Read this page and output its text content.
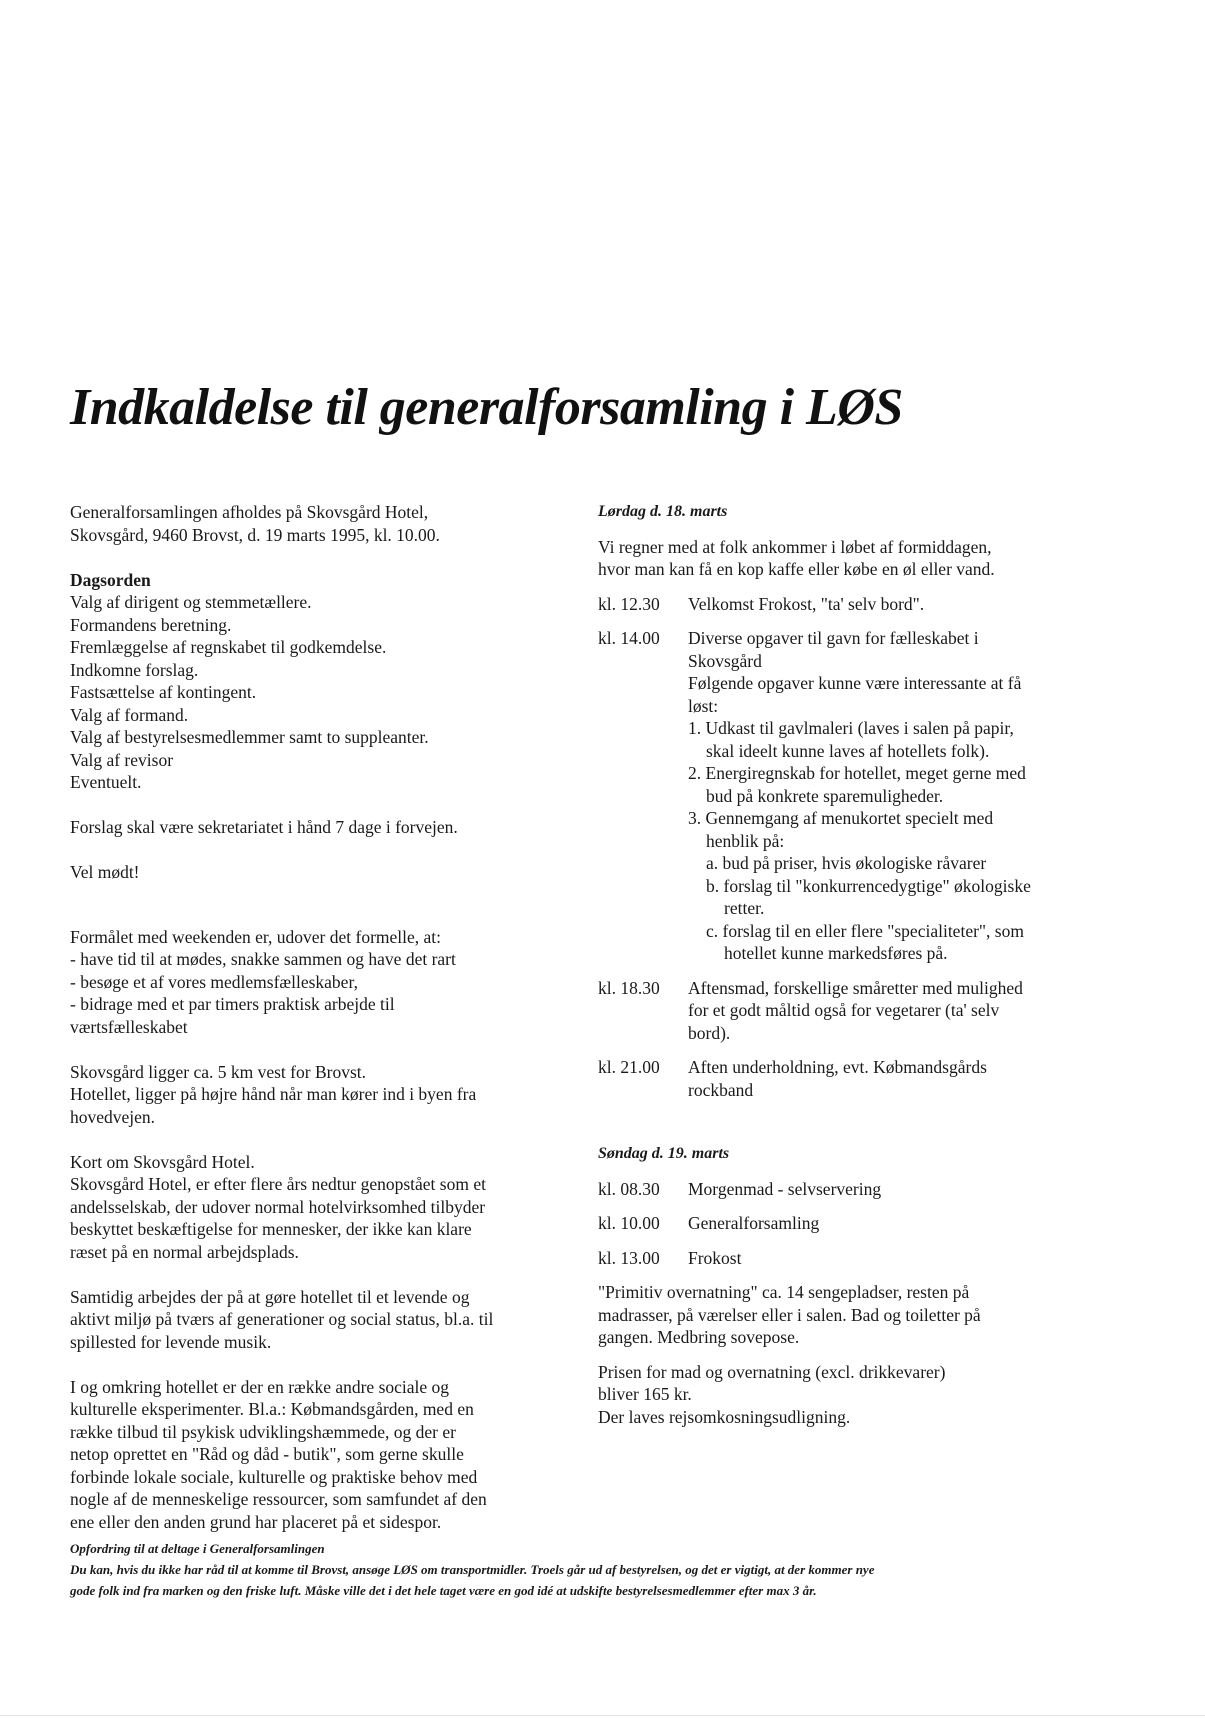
Indkaldelse til generalforsamling i LØS
Generalforsamlingen afholdes på Skovsgård Hotel,
Skovsgård, 9460 Brovst, d. 19 marts 1995, kl. 10.00.
Dagsorden
Valg af dirigent og stemmetællere.
Formandens beretning.
Fremlæggelse af regnskabet til godkemdelse.
Indkomne forslag.
Fastsættelse af kontingent.
Valg af formand.
Valg af bestyrelsesmedlemmer samt to suppleanter.
Valg af revisor
Eventuelt.
Forslag skal være sekretariatet i hånd 7 dage i forvejen.
Vel mødt!
Formålet med weekenden er, udover det formelle, at:
- have tid til at mødes, snakke sammen og have det rart
- besøge et af vores medlemsfælleskaber,
- bidrage med et par timers praktisk arbejde til
værtsfælleskabet
Skovsgård ligger ca. 5 km vest for Brovst.
Hotellet, ligger på højre hånd når man kører ind i byen fra
hovedvejen.
Kort om Skovsgård Hotel.
Skovsgård Hotel, er efter flere års nedtur genopstået som et
andelsselskab, der udover normal hotelvirksomhed tilbyder
beskyttet beskæftigelse for mennesker, der ikke kan klare
ræset på en normal arbejdsplads.
Samtidig arbejdes der på at gøre hotellet til et levende og
aktivt miljø på tværs af generationer og social status, bl.a. til
spillested for levende musik.
I og omkring hotellet er der en række andre sociale og
kulturelle eksperimenter. Bl.a.: Købmandsgården, med en
række tilbud til psykisk udviklingshæmmede, og der er
netop oprettet en "Råd og dåd - butik", som gerne skulle
forbinde lokale sociale, kulturelle og praktiske behov med
nogle af de menneskelige ressourcer, som samfundet af den
ene eller den anden grund har placeret på et sidespor.
Lørdag d. 18. marts
Vi regner med at folk ankommer i løbet af formiddagen,
hvor man kan få en kop kaffe eller købe en øl eller vand.
kl. 12.30	Velkomst Frokost, "ta' selv bord".
kl. 14.00	Diverse opgaver til gavn for fælleskabet i
Skovsgård
Følgende opgaver kunne være interessante at få
løst:
1. Udkast til gavlmaleri (laves i salen på papir,
skal ideelt kunne laves af hotellets folk).
2. Energiregnskab for hotellet, meget gerne med
bud på konkrete sparemuligheder.
3. Gennemgang af menukortet specielt med
henblik på:
a. bud på priser, hvis økologiske råvarer
b. forslag til "konkurrencedygtige" økologiske
retter.
c. forslag til en eller flere "specialiteter", som
hotellet kunne markedsføres på.
kl. 18.30	Aftensmad, forskellige småretter med mulighed
for et godt måltid også for vegetarer (ta' selv
bord).
kl. 21.00	Aften underholdning, evt. Købmandsgårds
rockband
Søndag d. 19. marts
kl. 08.30	Morgenmad - selvservering
kl. 10.00	Generalforsamling
kl. 13.00	Frokost
"Primitiv overnatning" ca. 14 sengepladser, resten på
madrasser, på værelser eller i salen. Bad og toiletter på
gangen. Medbring sovepose.
Prisen for mad og overnatning (excl. drikkevarer)
bliver 165 kr.
Der laves rejsomkosningsudligning.
Opfordring til at deltage i Generalforsamlingen
Du kan, hvis du ikke har råd til at komme til Brovst, ansøge LØS om transportmidler. Troels går ud af bestyrelsen, og det er vigtigt, at der kommer nye
gode folk ind fra marken og den friske luft. Måske ville det i det hele taget være en god idé at udskifte bestyrelsesmedlemmer efter max 3 år.
